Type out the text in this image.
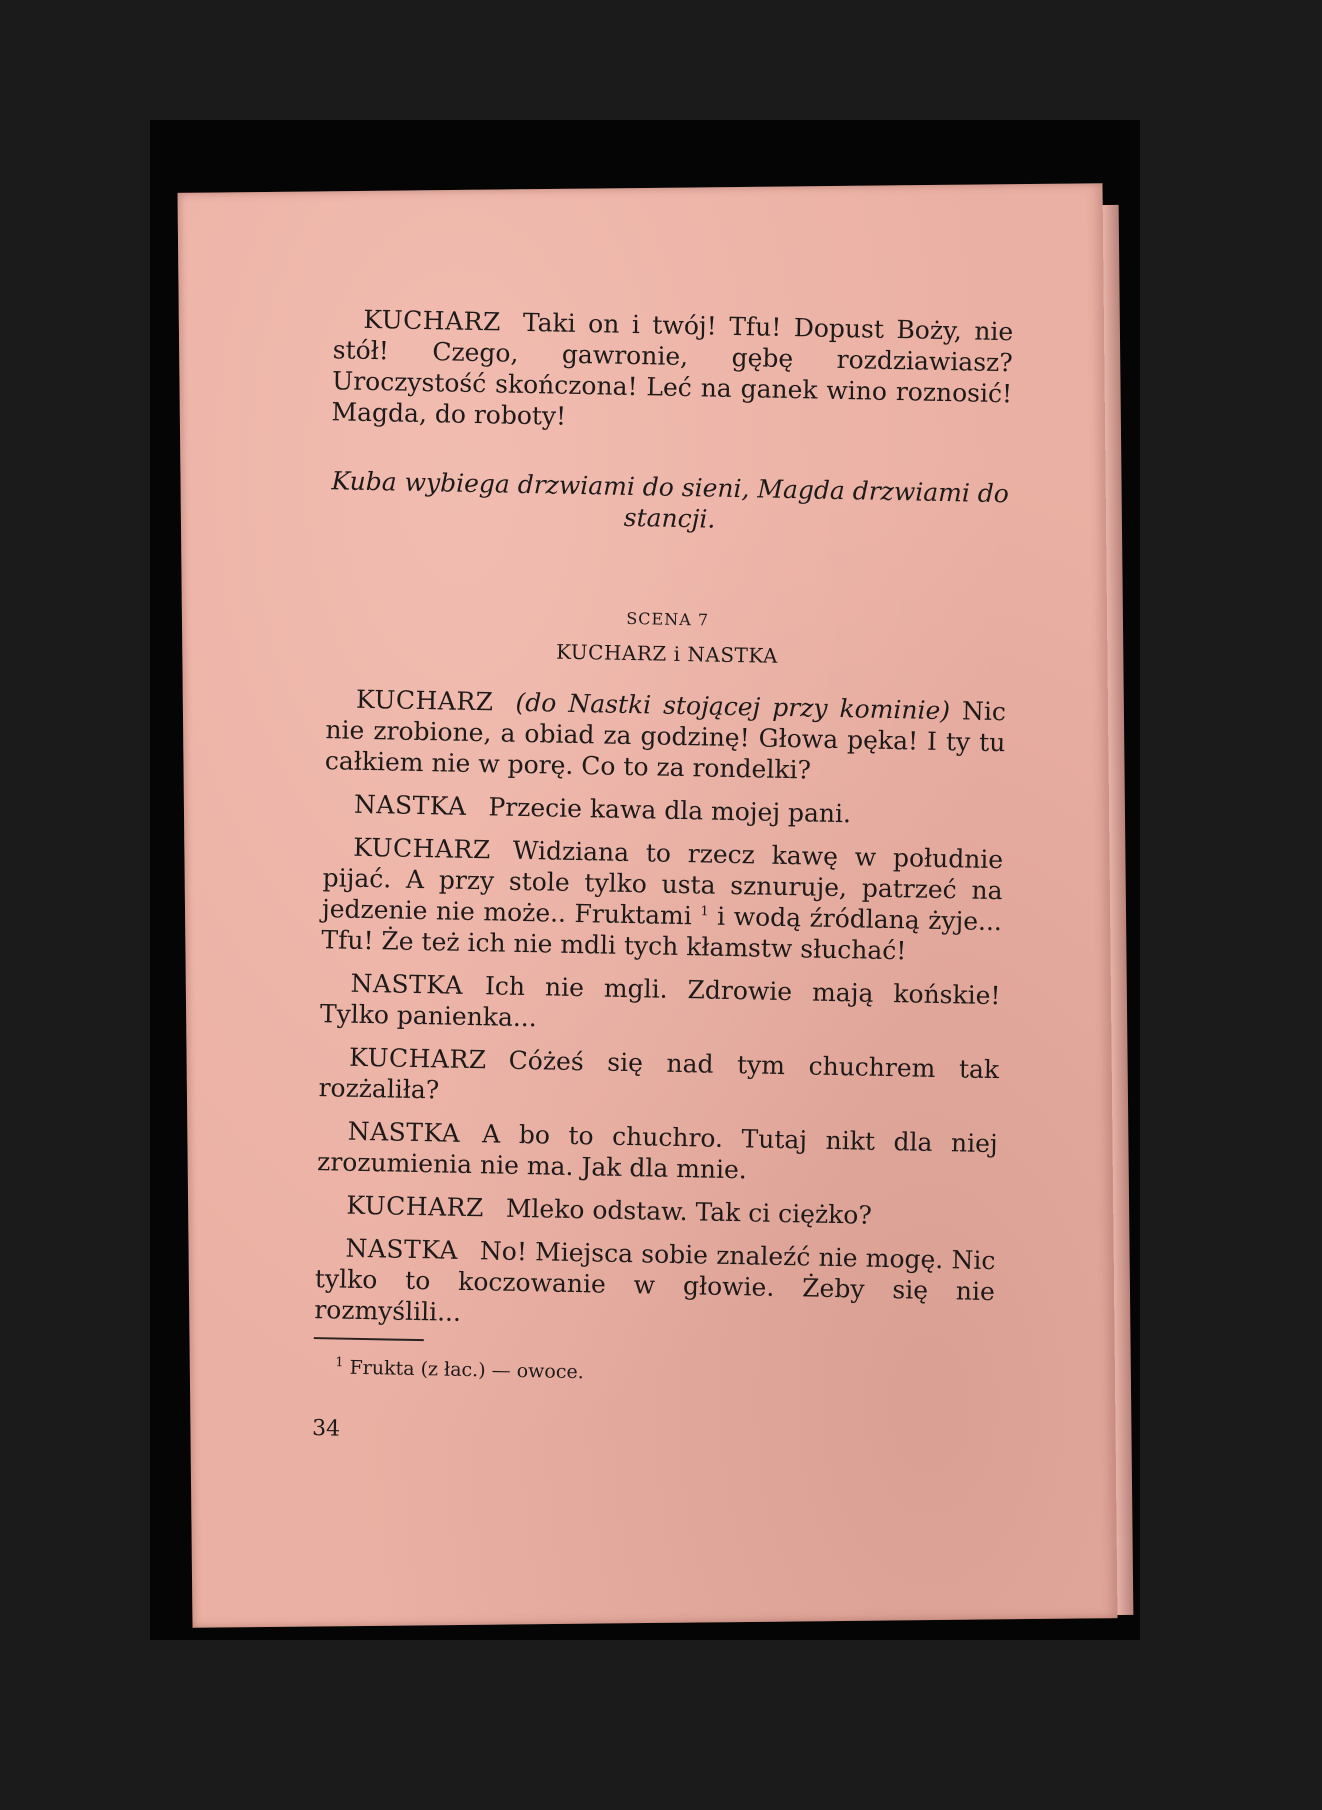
KUCHARZ Taki on i twój! Tfu! Dopust Boży, nie stół! Czego, gawronie, gębę rozdziawiasz? Uroczystość skończona! Leć na ganek wino roznosić! Magda, do roboty!

Kuba wybiega drzwiami do sieni, Magda drzwiami do stancji.

SCENA 7

KUCHARZ i NASTKA

KUCHARZ (do Nastki stojącej przy kominie) Nic nie zrobione, a obiad za godzinę! Głowa pęka! I ty tu całkiem nie w porę. Co to za rondelki?

NASTKA Przecie kawa dla mojej pani.

KUCHARZ Widziana to rzecz kawę w południe pijać. A przy stole tylko usta sznuruje, patrzeć na jedzenie nie może.. Fruktami $^1$ i wodą źródlaną żyje... Tfu! Że też ich nie mdli tych kłamstw słuchać!

NASTKA Ich nie mgli. Zdrowie mają końskie! Tylko panienka...

KUCHARZ Cóżeś się nad tym chuchrem tak rozżaliła?

NASTKA A bo to chuchro. Tutaj nikt dla niej zrozumienia nie ma. Jak dla mnie.

KUCHARZ Mleko odstaw. Tak ci ciężko?

NASTKA No! Miejsca sobie znaleźć nie mogę. Nic tylko to koczowanie w głowie. Żeby się nie rozmyślili...

$^1$ Frukta (z łac.) — owoce.

34
